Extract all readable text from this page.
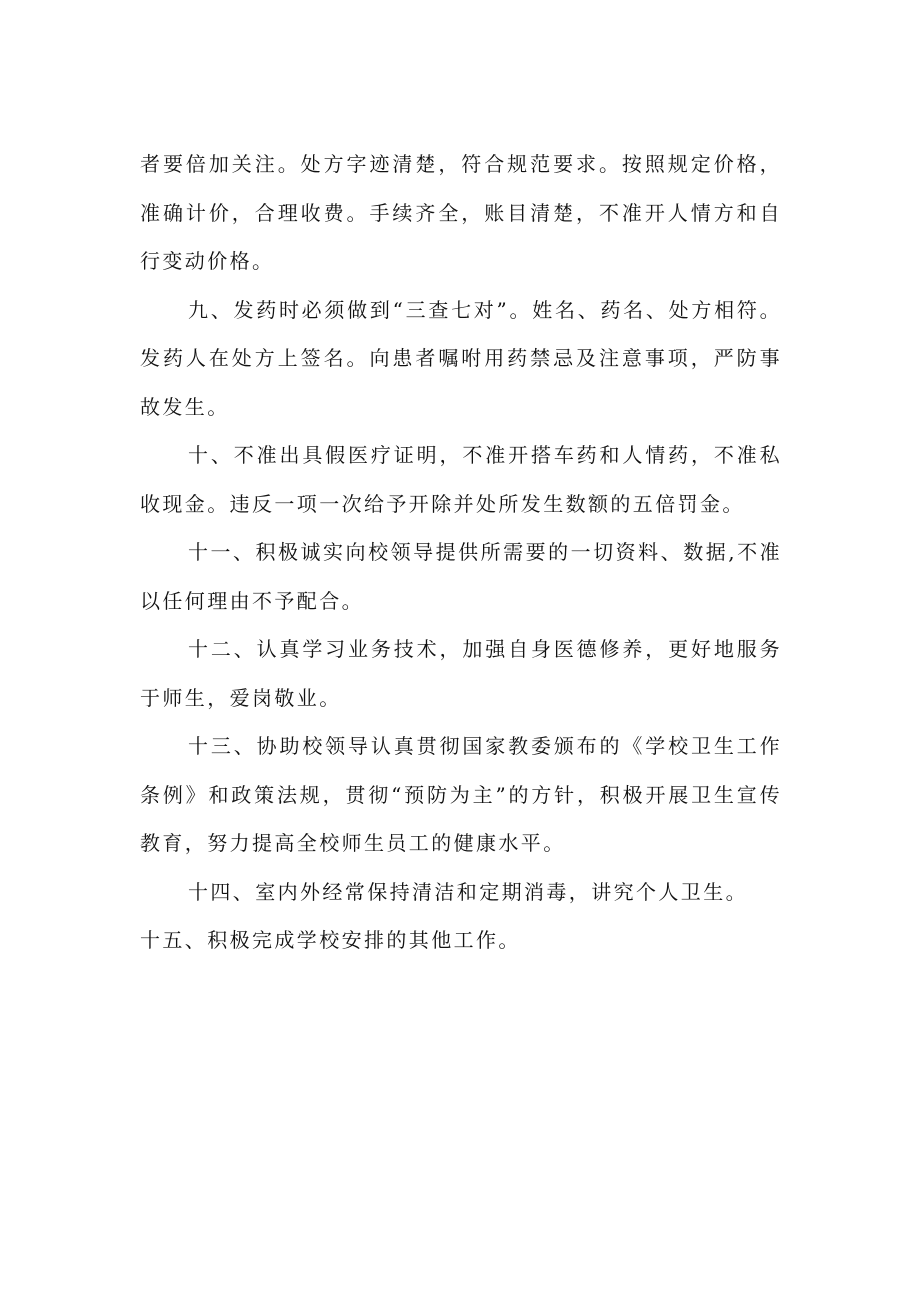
者要倍加关注。处方字迹清楚，符合规范要求。按照规定价格，准确计价，合理收费。手续齐全，账目清楚，不准开人情方和自行变动价格。

九、发药时必须做到“三查七对”。姓名、药名、处方相符。发药人在处方上签名。向患者嘱咐用药禁忌及注意事项，严防事故发生。

十、不准出具假医疗证明，不准开搭车药和人情药，不准私收现金。违反一项一次给予开除并处所发生数额的五倍罚金。

十一、积极诚实向校领导提供所需要的一切资料、数据,不准以任何理由不予配合。

十二、认真学习业务技术，加强自身医德修养，更好地服务于师生，爱岗敬业。

十三、协助校领导认真贯彻国家教委颁布的《学校卫生工作条例》和政策法规，贯彻“预防为主”的方针，积极开展卫生宣传教育，努力提高全校师生员工的健康水平。

十四、室内外经常保持清洁和定期消毒，讲究个人卫生。

十五、积极完成学校安排的其他工作。
